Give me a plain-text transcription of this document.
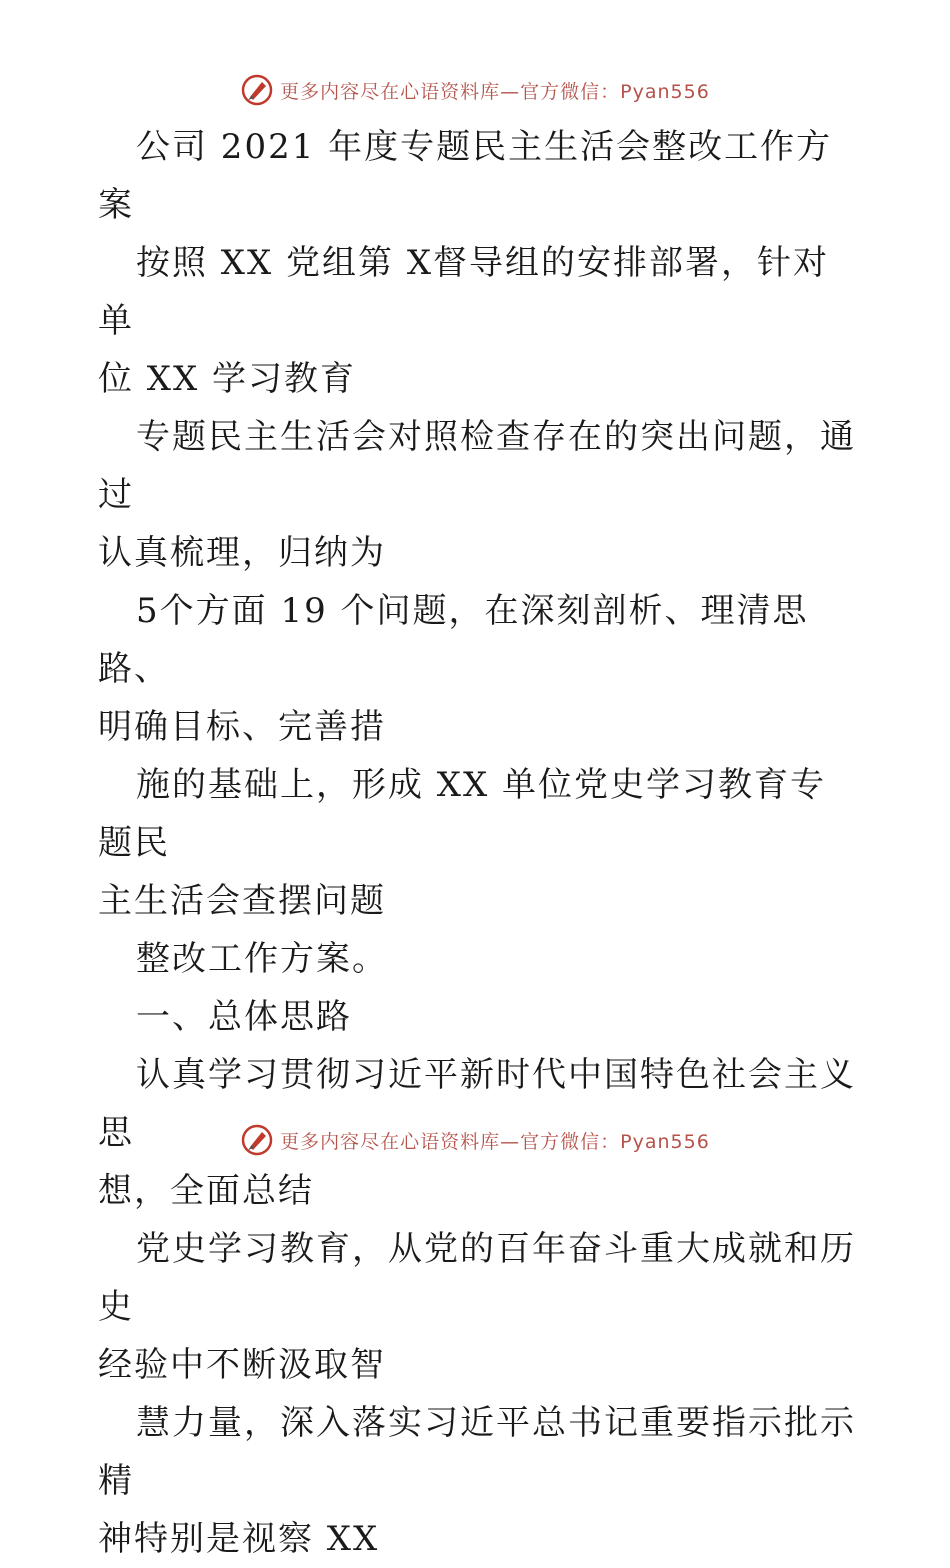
更多内容尽在心语资料库—官方微信：Pyan556

公司 2021 年度专题民主生活会整改工作方案

按照 XX 党组第 X督导组的安排部署，针对单
位 XX 学习教育

专题民主生活会对照检查存在的突出问题，通过
认真梳理，归纳为

5个方面 19 个问题，在深刻剖析、理清思路、
明确目标、完善措

施的基础上，形成 XX 单位党史学习教育专题民
主生活会查摆问题

整改工作方案。

一、总体思路

认真学习贯彻习近平新时代中国特色社会主义思
想，全面总结

党史学习教育，从党的百年奋斗重大成就和历史
经验中不断汲取智

慧力量，深入落实习近平总书记重要指示批示精
神特别是视察 XX

更多内容尽在心语资料库—官方微信：Pyan556
